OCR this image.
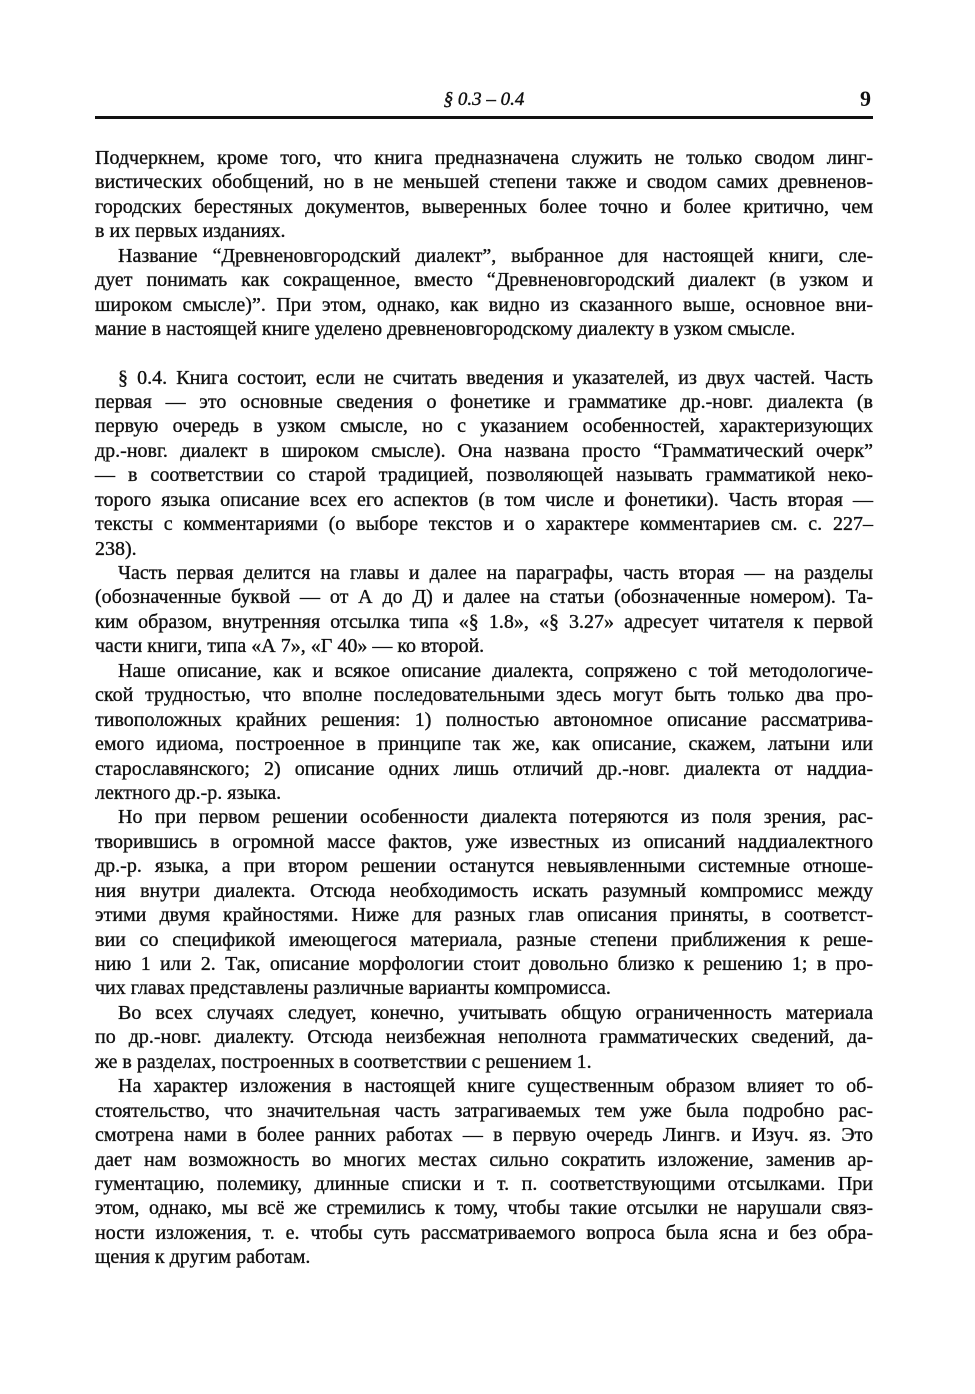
§ 0.3 – 0.4	9
Подчеркнем, кроме того, что книга предназначена служить не только сводом линг-
вистических обобщений, но в не меньшей степени также и сводом самих древненов-
городских берестяных документов, выверенных более точно и более критично, чем
в их первых изданиях.
Название “Древненовгородский диалект”, выбранное для настоящей книги, сле-
дует понимать как сокращенное, вместо “Древненовгородский диалект (в узком и
широком смысле)”. При этом, однако, как видно из сказанного выше, основное вни-
мание в настоящей книге уделено древненовгородскому диалекту в узком смысле.
§ 0.4. Книга состоит, если не считать введения и указателей, из двух частей. Часть
первая — это основные сведения о фонетике и грамматике др.-новг. диалекта (в
первую очередь в узком смысле, но с указанием особенностей, характеризующих
др.-новг. диалект в широком смысле). Она названа просто “Грамматический очерк”
— в соответствии со старой традицией, позволяющей называть грамматикой неко-
торого языка описание всех его аспектов (в том числе и фонетики). Часть вторая —
тексты с комментариями (о выборе текстов и о характере комментариев см. с. 227–
238).
Часть первая делится на главы и далее на параграфы, часть вторая — на разделы
(обозначенные буквой — от А до Д) и далее на статьи (обозначенные номером). Та-
ким образом, внутренняя отсылка типа «§ 1.8», «§ 3.27» адресует читателя к первой
части книги, типа «А 7», «Г 40» — ко второй.
Наше описание, как и всякое описание диалекта, сопряжено с той методологиче-
ской трудностью, что вполне последовательными здесь могут быть только два про-
тивоположных крайних решения: 1) полностью автономное описание рассматрива-
емого идиома, построенное в принципе так же, как описание, скажем, латыни или
старославянского; 2) описание одних лишь отличий др.-новг. диалекта от наддиа-
лектного др.-р. языка.
Но при первом решении особенности диалекта потеряются из поля зрения, рас-
творившись в огромной массе фактов, уже известных из описаний наддиалектного
др.-р. языка, а при втором решении останутся невыявленными системные отноше-
ния внутри диалекта. Отсюда необходимость искать разумный компромисс между
этими двумя крайностями. Ниже для разных глав описания приняты, в соответст-
вии со спецификой имеющегося материала, разные степени приближения к реше-
нию 1 или 2. Так, описание морфологии стоит довольно близко к решению 1; в про-
чих главах представлены различные варианты компромисса.
Во всех случаях следует, конечно, учитывать общую ограниченность материала
по др.-новг. диалекту. Отсюда неизбежная неполнота грамматических сведений, да-
же в разделах, построенных в соответствии с решением 1.
На характер изложения в настоящей книге существенным образом влияет то об-
стоятельство, что значительная часть затрагиваемых тем уже была подробно рас-
смотрена нами в более ранних работах — в первую очередь Лингв. и Изуч. яз. Это
дает нам возможность во многих местах сильно сократить изложение, заменив ар-
гументацию, полемику, длинные списки и т. п. соответствующими отсылками. При
этом, однако, мы всё же стремились к тому, чтобы такие отсылки не нарушали связ-
ности изложения, т. е. чтобы суть рассматриваемого вопроса была ясна и без обра-
щения к другим работам.
